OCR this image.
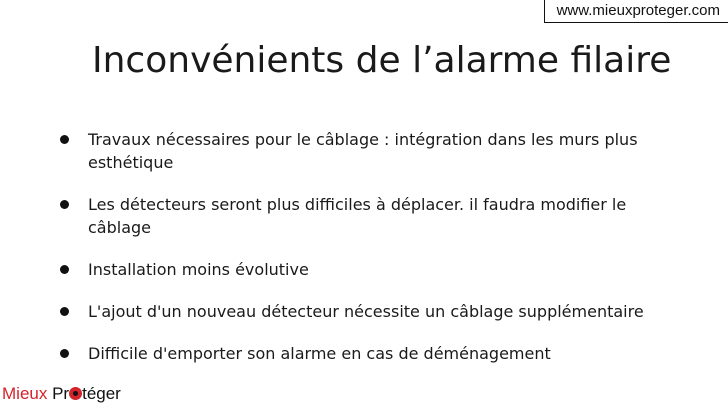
www.mieuxproteger.com
Inconvénients de l’alarme filaire
Travaux nécessaires pour le câblage : intégration dans les murs plus esthétique
Les détecteurs seront plus difficiles à déplacer. il faudra modifier le câblage
Installation moins évolutive
L'ajout d'un nouveau détecteur nécessite un câblage supplémentaire
Difficile d'emporter son alarme en cas de déménagement
Mieux Pr téger
